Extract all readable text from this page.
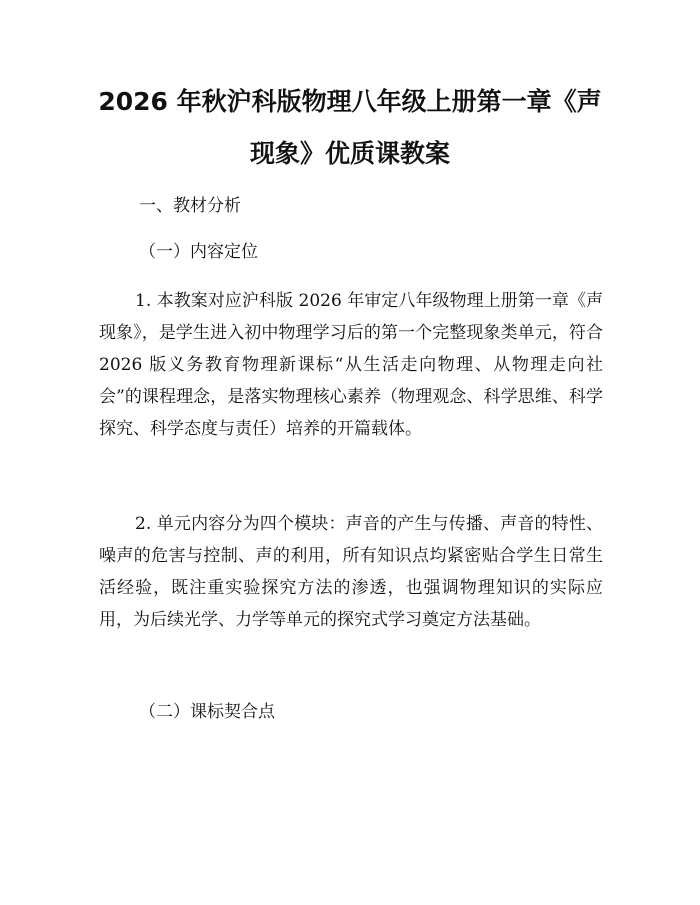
2026 年秋沪科版物理八年级上册第一章《声
现象》优质课教案

一、教材分析

（一）内容定位

1. 本教案对应沪科版 2026 年审定八年级物理上册第一章《声现象》，是学生进入初中物理学习后的第一个完整现象类单元，符合 2026 版义务教育物理新课标“从生活走向物理、从物理走向社会”的课程理念，是落实物理核心素养（物理观念、科学思维、科学探究、科学态度与责任）培养的开篇载体。

2. 单元内容分为四个模块：声音的产生与传播、声音的特性、噪声的危害与控制、声的利用，所有知识点均紧密贴合学生日常生活经验，既注重实验探究方法的渗透，也强调物理知识的实际应用，为后续光学、力学等单元的探究式学习奠定方法基础。

（二）课标契合点
